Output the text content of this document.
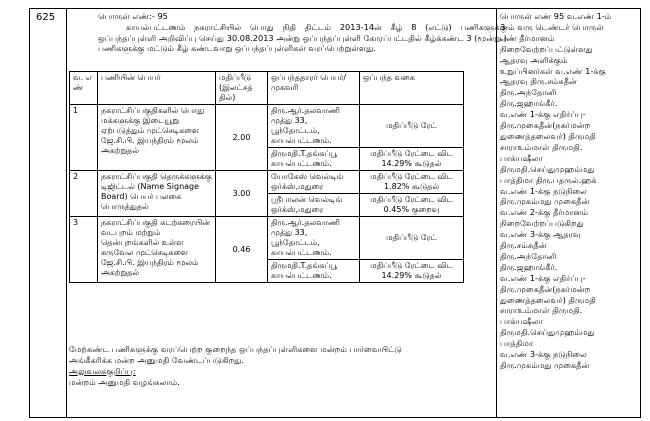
625	பொருள் எண்:- 95

காயல்பட்டணம் நகராட்சியில் பொது நிதி திட்டம் 2013-14ன் கீழ் 8 (எட்டு) பணிகளுக்கு ஒப்பந்தப்புள்ளி அறிவிப்பு செய்து 30.08.2013 அன்று ஒப்பந்தப்புள்ளி கோரப்பட்டதில் கீழ்க்கண்ட 3 (மூன்று ) பணிகளுக்கு மட்டும் கீழ் கண்டவாறு ஒப்பந்தப்புள்ளிகள் வரப்பெற்றுள்ளது.

வ. எ ண்	பணியின் பெயர்	மதிப்பீடு (இலட்சத் தில்)	ஒப்பந்ததாரர் பெயர்/ முகவரி	ஒப்பந்த வகை
1	நகராட்சிப்பகுதிகளில் பொது மக்களுக்கு இடையூறு ஏற்படுத்தும் முட்செடிகளை ஜே.சி.பி. இயந்திரம் மூலம் அகற்றுதல்	2.00	திரு.ஆர்.தலவாணி முத்து 33, பூந்தோட்டம், காயல்பட்டணம்.	மதிப்பீடு ரேட்
			திருமதி.T.தங்கப்பூ காயல்பட்டணம்.	மதிப்பீடு ரேட்டை விட 14.29% கூடுதல்
2	நகராட்சிப்பகுதி தெருக்களுக்கு டிஜிட்டல் (Name Signage Board) பெயர் பலகை பொருத்துதல்	3.00	யோகேஸ் வெல்டிங் ஒர்க்ஸ்,மதுரை	மதிப்பீடு ரேட்டை விட 1.82% கூடுதல்
			ஸ்ரீபாலன் வெல்டிங் ஒர்க்ஸ்,மதுரை	மதிப்பீடு ரேட்டை விட 0.45% குறைவு
3	நகராட்சிப்பகுதி கடற்கரையின் வடபுறம் மற்றும் தென்புறங்களில் உள்ள கருவேல முட்செடிகளை ஜே.சி.பி. இயந்திரம் மூலம் அகற்றுதல்	0.46	திரு.ஆர்.தலவாணி முத்து 33, பூந்தோட்டம், காயல்பட்டணம்.	மதிப்பீடு ரேட்
			திருமதி.T.தங்கப்பூ காயல்பட்டணம்.	மதிப்பீடு ரேட்டை விட 14.29% கூடுதல்
மேற்கண்ட பணிகளுக்கு வரப்பெற்ற குறைந்த ஒப்பந்தப்புள்ளிகளை மன்றம் பார்வையிட்டு
அங்கீகரிக்க மன்ற அனுமதி வேண்டப்படுகிறது.
அலுவலககுறிப்பு:
மன்றம் அனுமதி வழங்கலாம்.
பொருள் எண் 95 வ.எண் 1-ம்
3-ம் வரு டெண்டர் பொருள்
எண் தீர்மானம்
நிறைவேற்றப்பட்டுள்ளது
ஆதரவு அளிக்கும்
உறுப்பினர்கள் வ.எண் 1-க்கு
ஆதரவு திரு.சம்சுதீன்
திரு.அந்தோனி
திரு.ஜஹாங்கீர்.
வ.எண் 1-க்கு எதிர்ப்பு-
திரு.முகைதீன்(நகர்மன்ற
துணைத்தலைவர்) திருமதி
சாராஉம்மாள் திருமதி.
பாக்யஷீலா
திருமதி.செய்துமுஹம்மது
பாத்திமா திரு.பதருல்.ஹக்
வ.எண் 1-க்கு நடுநிலை
திரு.முகம்மது முகைதீன்
வ.எண் 2-க்கு தீர்மானம்
நிறைவேற்றப்படுகிறது
வ.எண் 3-க்கு ஆதரவு
திரு.சம்சுதீன்
திரு.அந்தோனி
திரு.ஜஹாங்கீர்.
வ.எண் 1-க்கு எதிர்ப்பு-
திரு.முகைதீன்(நகர்மன்ற
துணைத்தலைவர்) திருமதி
சாராஉம்மாள் திருமதி.
பாக்யஷீலா
திருமதி.செய்துமுஹம்மது
பாத்திமா
வ.எண் 3-க்கு நடுநிலை
திரு.முகம்மது முகைதீன்
